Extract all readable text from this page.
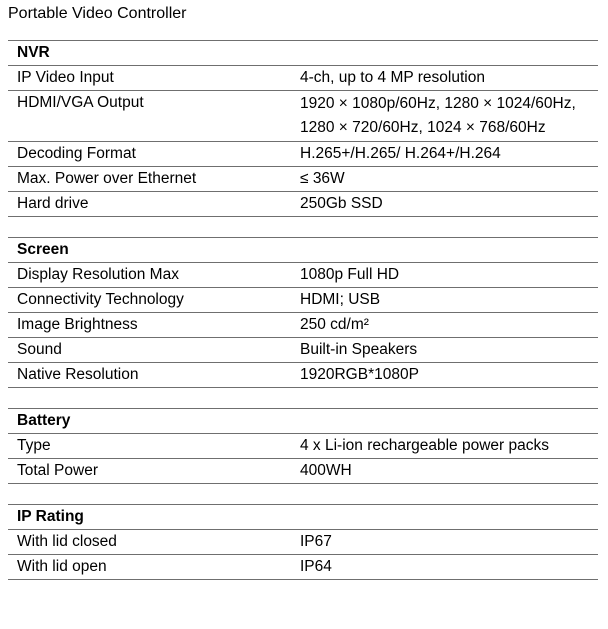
Portable Video Controller
NVR	
IP Video Input	4-ch, up to 4 MP resolution
HDMI/VGA Output	1920 × 1080p/60Hz, 1280 × 1024/60Hz, 1280 × 720/60Hz, 1024 × 768/60Hz
Decoding Format	H.265+/H.265/ H.264+/H.264
Max. Power over Ethernet	≤ 36W
Hard drive	250Gb SSD

Screen	
Display Resolution Max	1080p Full HD
Connectivity Technology	HDMI; USB
Image Brightness	250 cd/m²
Sound	Built-in Speakers
Native Resolution	1920RGB*1080P

Battery	
Type	4 x Li-ion rechargeable power packs
Total Power	400WH

IP Rating	
With lid closed	IP67
With lid open	IP64
